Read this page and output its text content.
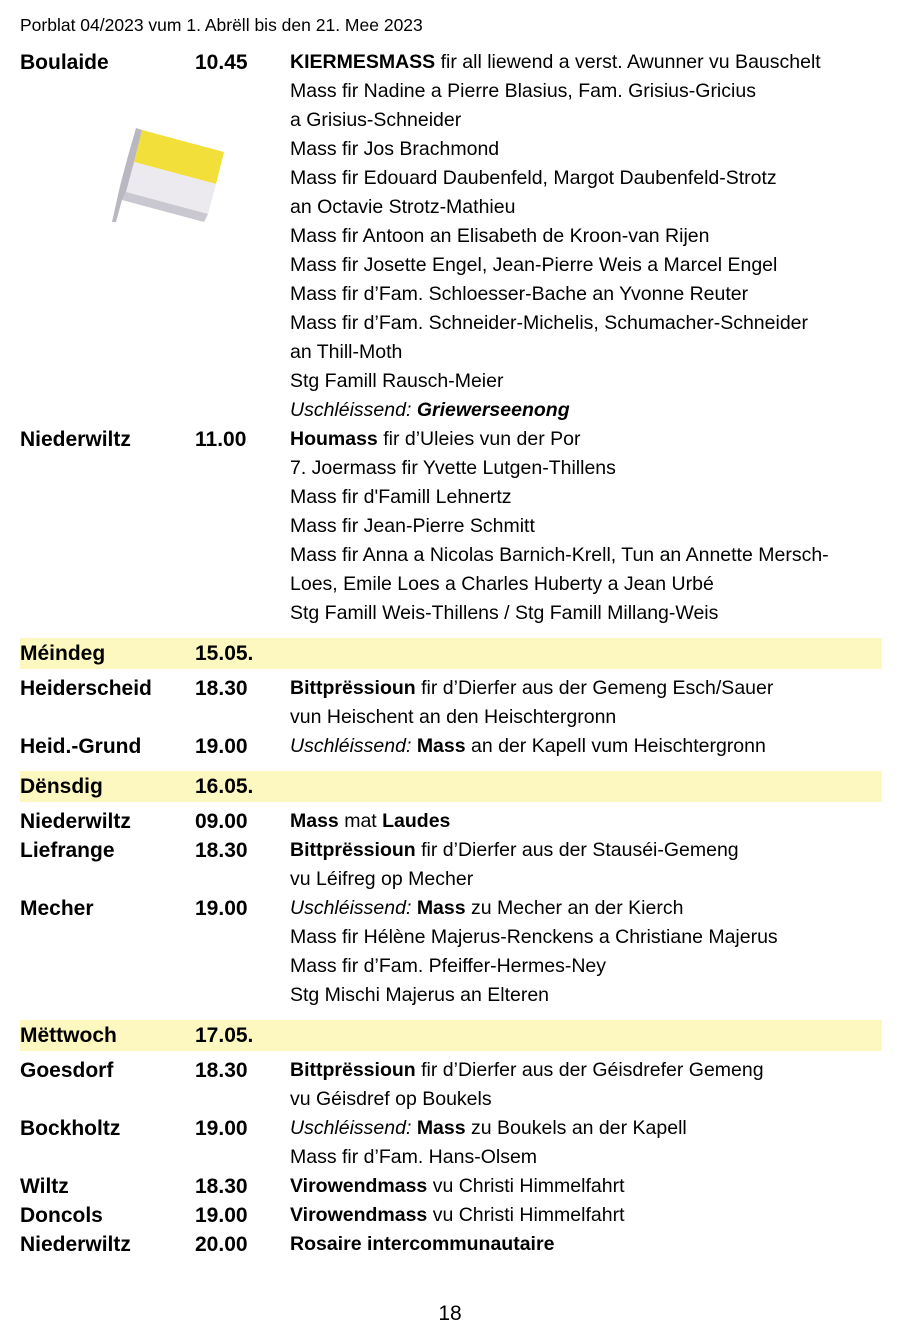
Porblat 04/2023 vum 1. Abrëll bis den 21. Mee 2023
Boulaide	10.45	KIERMESMASS fir all liewend a verst. Awunner vu Bauschelt
Mass fir Nadine a Pierre Blasius, Fam. Grisius-Gricius
a Grisius-Schneider
Mass fir Jos Brachmond
Mass fir Edouard Daubenfeld, Margot Daubenfeld-Strotz
an Octavie Strotz-Mathieu
Mass fir Antoon an Elisabeth de Kroon-van Rijen
Mass fir Josette Engel, Jean-Pierre Weis a Marcel Engel
Mass fir d’Fam. Schloesser-Bache an Yvonne Reuter
Mass fir d’Fam. Schneider-Michelis, Schumacher-Schneider
an Thill-Moth
Stg Famill Rausch-Meier
Uschléissend: Griewerseenong

Niederwiltz	11.00	Houmass fir d’Uleies vun der Por
7. Joermass fir Yvette Lutgen-Thillens
Mass fir d'Famill Lehnertz
Mass fir Jean-Pierre Schmitt
Mass fir Anna a Nicolas Barnich-Krell, Tun an Annette Mersch-
Loes, Emile Loes a Charles Huberty a Jean Urbé
Stg Famill Weis-Thillens / Stg Famill Millang-Weis

Méindeg	15.05.	

Heiderscheid	18.30	Bittprëssioun fir d’Dierfer aus der Gemeng Esch/Sauer
vun Heischent an den Heischtergronn

Heid.-Grund	19.00	Uschléissend: Mass an der Kapell vum Heischtergronn

Dënsdig	16.05.	

Niederwiltz	09.00	Mass mat Laudes

Liefrange	18.30	Bittprëssioun fir d’Dierfer aus der Stauséi-Gemeng
vu Léifreg op Mecher

Mecher	19.00	Uschléissend: Mass zu Mecher an der Kierch
Mass fir Hélène Majerus-Renckens a Christiane Majerus
Mass fir d’Fam. Pfeiffer-Hermes-Ney
Stg Mischi Majerus an Elteren

Mëttwoch	17.05.	

Goesdorf	18.30	Bittprëssioun fir d’Dierfer aus der Géisdrefer Gemeng
vu Géisdref op Boukels

Bockholtz	19.00	Uschléissend: Mass zu Boukels an der Kapell
Mass fir d’Fam. Hans-Olsem

Wiltz	18.30	Virowendmass vu Christi Himmelfahrt

Doncols	19.00	Virowendmass vu Christi Himmelfahrt

Niederwiltz	20.00	Rosaire intercommunautaire
18
